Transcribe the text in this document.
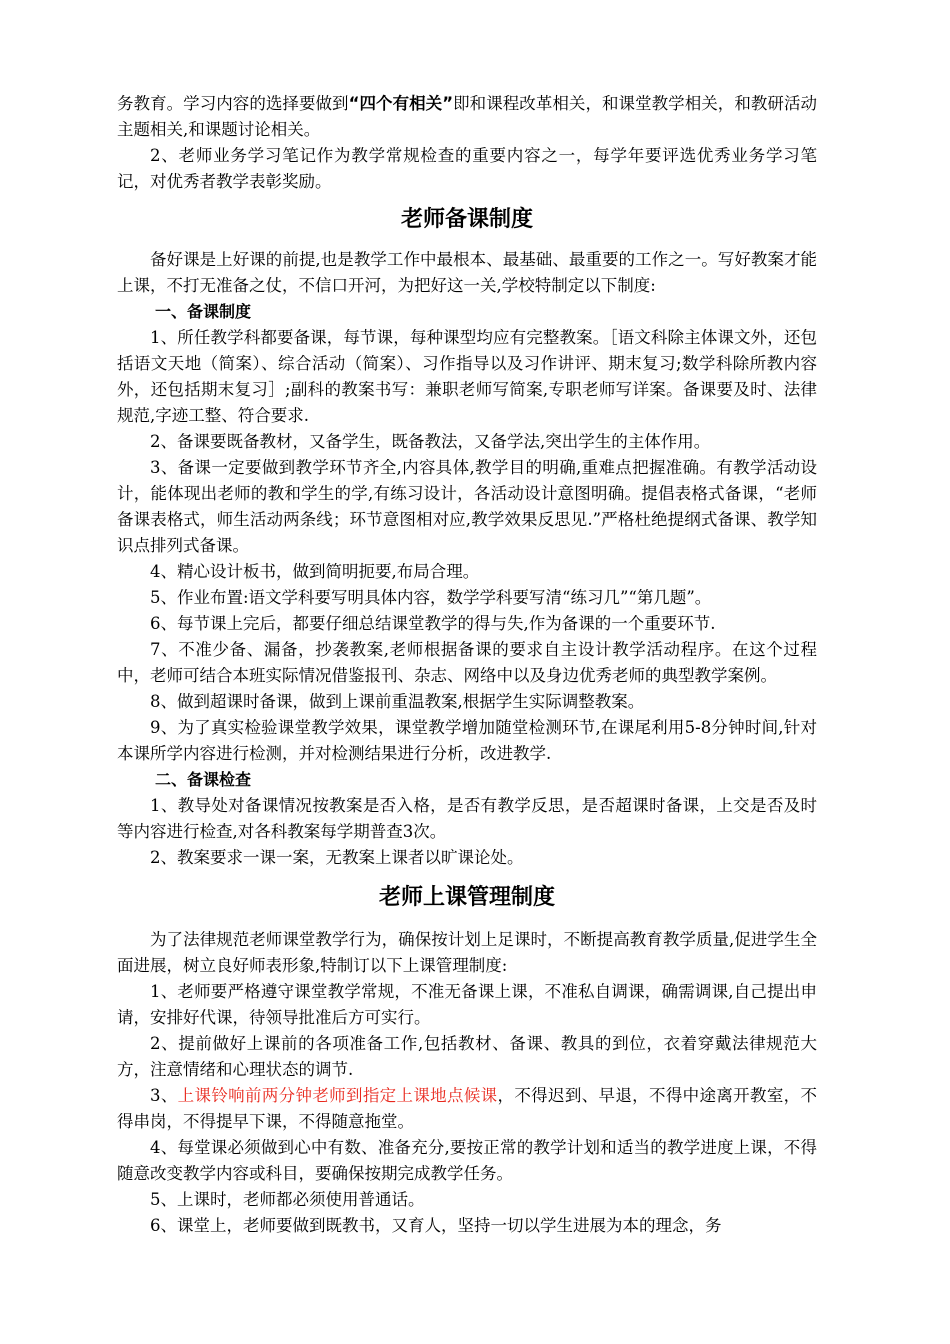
务教育。学习内容的选择要做到“四个有相关”即和课程改革相关，和课堂教学相关，和教研活动主题相关,和课题讨论相关。

2、老师业务学习笔记作为教学常规检查的重要内容之一，每学年要评选优秀业务学习笔记，对优秀者教学表彰奖励。

老师备课制度

备好课是上好课的前提,也是教学工作中最根本、最基础、最重要的工作之一。写好教案才能上课，不打无准备之仗，不信口开河，为把好这一关,学校特制定以下制度:

一、备课制度

1、所任教学科都要备课，每节课，每种课型均应有完整教案。［语文科除主体课文外，还包括语文天地（简案）、综合活动（简案）、习作指导以及习作讲评、期末复习;数学科除所教内容外，还包括期末复习］;副科的教案书写：兼职老师写简案,专职老师写详案。备课要及时、法律规范,字迹工整、符合要求.

2、备课要既备教材，又备学生，既备教法，又备学法,突出学生的主体作用。

3、备课一定要做到教学环节齐全,内容具体,教学目的明确,重难点把握准确。有教学活动设计，能体现出老师的教和学生的学,有练习设计，各活动设计意图明确。提倡表格式备课，“老师备课表格式，师生活动两条线；环节意图相对应,教学效果反思见.”严格杜绝提纲式备课、教学知识点排列式备课。

4、精心设计板书，做到简明扼要,布局合理。

5、作业布置:语文学科要写明具体内容，数学学科要写清“练习几”“第几题”。

6、每节课上完后，都要仔细总结课堂教学的得与失,作为备课的一个重要环节.

7、不准少备、漏备，抄袭教案,老师根据备课的要求自主设计教学活动程序。在这个过程中，老师可结合本班实际情况借鉴报刊、杂志、网络中以及身边优秀老师的典型教学案例。

8、做到超课时备课，做到上课前重温教案,根据学生实际调整教案。

9、为了真实检验课堂教学效果，课堂教学增加随堂检测环节,在课尾利用5-8分钟时间,针对本课所学内容进行检测，并对检测结果进行分析，改进教学.

二、备课检查

1、教导处对备课情况按教案是否入格，是否有教学反思，是否超课时备课，上交是否及时等内容进行检查,对各科教案每学期普查3次。

2、教案要求一课一案，无教案上课者以旷课论处。

老师上课管理制度

为了法律规范老师课堂教学行为，确保按计划上足课时，不断提高教育教学质量,促进学生全面进展，树立良好师表形象,特制订以下上课管理制度:

1、老师要严格遵守课堂教学常规，不准无备课上课，不准私自调课，确需调课,自己提出申请，安排好代课，待领导批准后方可实行。

2、提前做好上课前的各项准备工作,包括教材、备课、教具的到位，衣着穿戴法律规范大方，注意情绪和心理状态的调节.

3、上课铃响前两分钟老师到指定上课地点候课，不得迟到、早退，不得中途离开教室，不得串岗，不得提早下课，不得随意拖堂。

4、每堂课必须做到心中有数、准备充分,要按正常的教学计划和适当的教学进度上课，不得随意改变教学内容或科目，要确保按期完成教学任务。

5、上课时，老师都必须使用普通话。

6、课堂上，老师要做到既教书，又育人，坚持一切以学生进展为本的理念，务
